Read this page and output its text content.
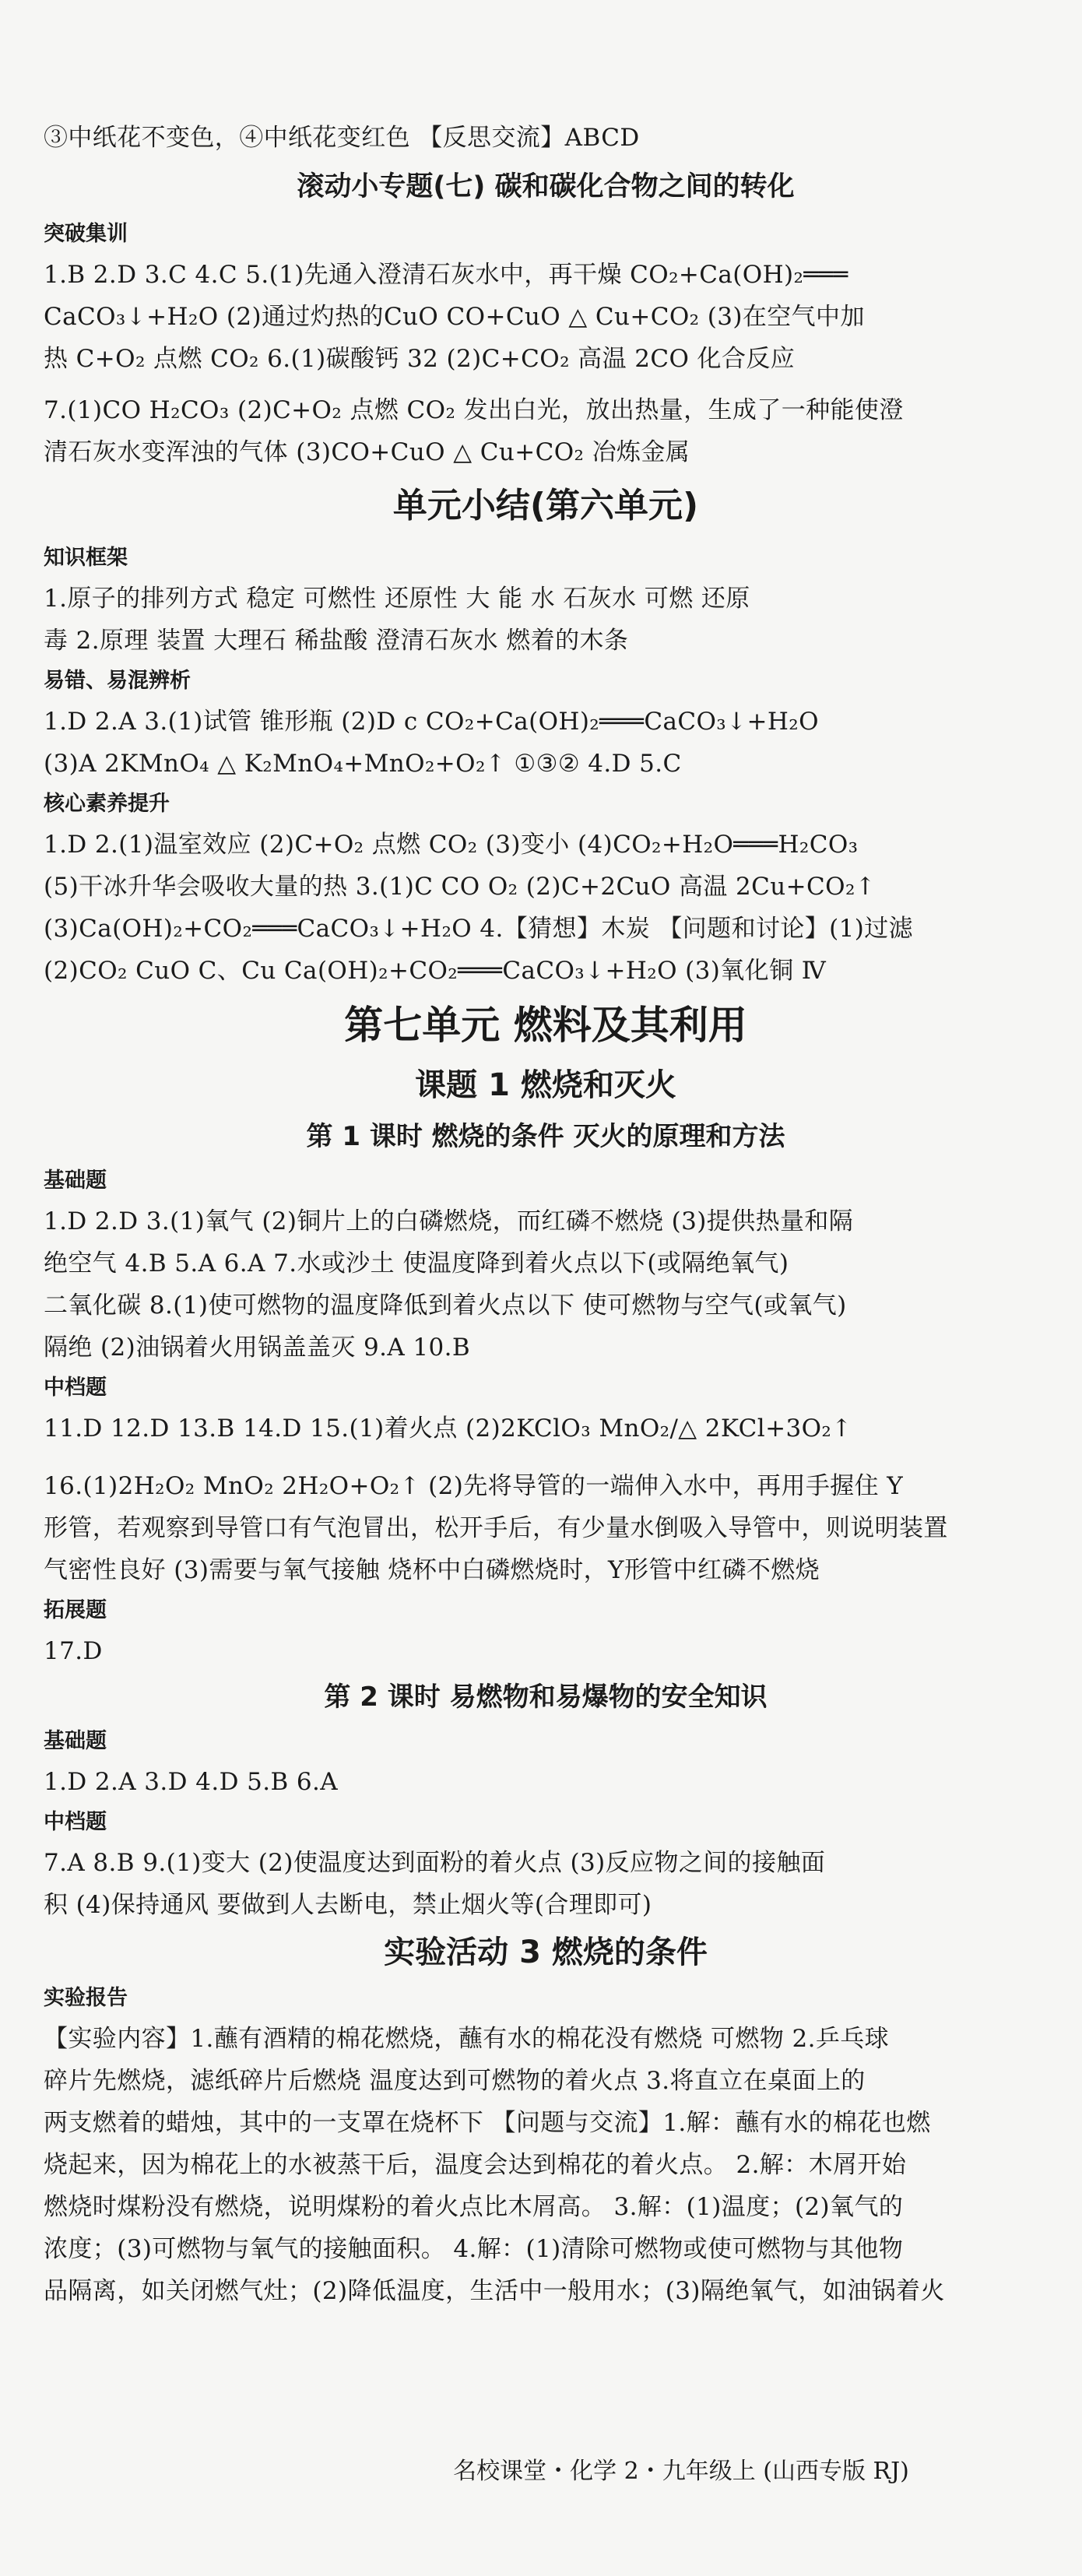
③中纸花不变色，④中纸花变红色 【反思交流】ABCD
滚动小专题(七) 碳和碳化合物之间的转化
突破集训
1.B 2.D 3.C 4.C 5.(1)先通入澄清石灰水中，再干燥 CO₂+Ca(OH)₂═══
CaCO₃↓+H₂O (2)通过灼热的CuO CO+CuO △ Cu+CO₂ (3)在空气中加
热 C+O₂ 点燃 CO₂ 6.(1)碳酸钙 32 (2)C+CO₂ 高温 2CO 化合反应
7.(1)CO H₂CO₃ (2)C+O₂ 点燃 CO₂ 发出白光，放出热量，生成了一种能使澄
清石灰水变浑浊的气体 (3)CO+CuO △ Cu+CO₂ 冶炼金属
单元小结(第六单元)
知识框架
1.原子的排列方式 稳定 可燃性 还原性 大 能 水 石灰水 可燃 还原
毒 2.原理 装置 大理石 稀盐酸 澄清石灰水 燃着的木条
易错、易混辨析
1.D 2.A 3.(1)试管 锥形瓶 (2)D c CO₂+Ca(OH)₂═══CaCO₃↓+H₂O
(3)A 2KMnO₄ △ K₂MnO₄+MnO₂+O₂↑ ①③② 4.D 5.C
核心素养提升
1.D 2.(1)温室效应 (2)C+O₂ 点燃 CO₂ (3)变小 (4)CO₂+H₂O═══H₂CO₃
(5)干冰升华会吸收大量的热 3.(1)C CO O₂ (2)C+2CuO 高温 2Cu+CO₂↑
(3)Ca(OH)₂+CO₂═══CaCO₃↓+H₂O 4.【猜想】木炭 【问题和讨论】(1)过滤
(2)CO₂ CuO C、Cu Ca(OH)₂+CO₂═══CaCO₃↓+H₂O (3)氧化铜 Ⅳ
第七单元 燃料及其利用
课题 1 燃烧和灭火
第 1 课时 燃烧的条件 灭火的原理和方法
基础题
1.D 2.D 3.(1)氧气 (2)铜片上的白磷燃烧，而红磷不燃烧 (3)提供热量和隔
绝空气 4.B 5.A 6.A 7.水或沙土 使温度降到着火点以下(或隔绝氧气)
二氧化碳 8.(1)使可燃物的温度降低到着火点以下 使可燃物与空气(或氧气)
隔绝 (2)油锅着火用锅盖盖灭 9.A 10.B
中档题
11.D 12.D 13.B 14.D 15.(1)着火点 (2)2KClO₃ MnO₂/△ 2KCl+3O₂↑
16.(1)2H₂O₂ MnO₂ 2H₂O+O₂↑ (2)先将导管的一端伸入水中，再用手握住 Y
形管，若观察到导管口有气泡冒出，松开手后，有少量水倒吸入导管中，则说明装置
气密性良好 (3)需要与氧气接触 烧杯中白磷燃烧时，Y形管中红磷不燃烧
拓展题
17.D
第 2 课时 易燃物和易爆物的安全知识
基础题
1.D 2.A 3.D 4.D 5.B 6.A
中档题
7.A 8.B 9.(1)变大 (2)使温度达到面粉的着火点 (3)反应物之间的接触面
积 (4)保持通风 要做到人去断电，禁止烟火等(合理即可)
实验活动 3 燃烧的条件
实验报告
【实验内容】1.蘸有酒精的棉花燃烧，蘸有水的棉花没有燃烧 可燃物 2.乒乓球
碎片先燃烧，滤纸碎片后燃烧 温度达到可燃物的着火点 3.将直立在桌面上的
两支燃着的蜡烛，其中的一支罩在烧杯下 【问题与交流】1.解：蘸有水的棉花也燃
烧起来，因为棉花上的水被蒸干后，温度会达到棉花的着火点。 2.解：木屑开始
燃烧时煤粉没有燃烧，说明煤粉的着火点比木屑高。 3.解：(1)温度；(2)氧气的
浓度；(3)可燃物与氧气的接触面积。 4.解：(1)清除可燃物或使可燃物与其他物
品隔离，如关闭燃气灶；(2)降低温度，生活中一般用水；(3)隔绝氧气，如油锅着火
名校课堂・化学 2・九年级上 (山西专版 RJ)
